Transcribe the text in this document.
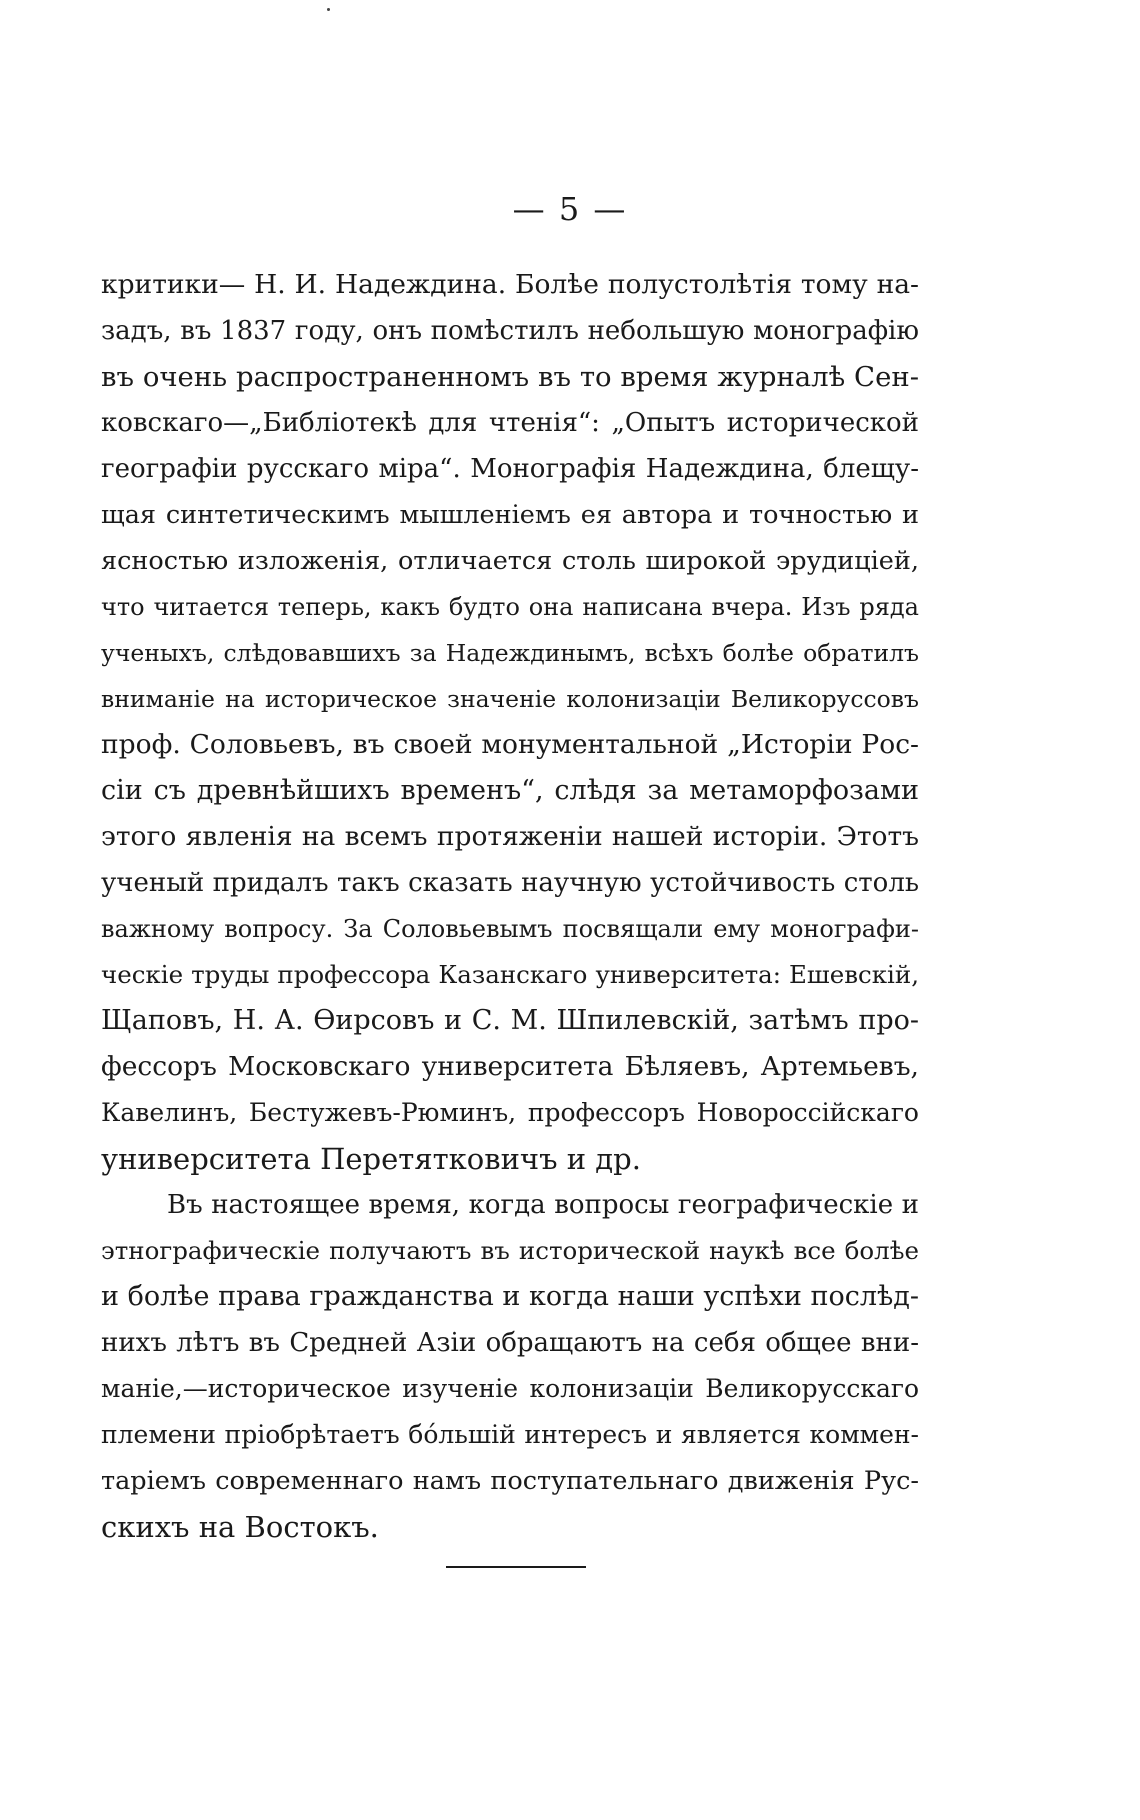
— 5 —
критики— Н. И. Надеждина. Болѣе полустолѣтія тому на-
задъ, въ 1837 году, онъ помѣстилъ небольшую монографію
въ очень распространенномъ въ то время журналѣ Сен-
ковскаго—„Библіотекѣ для чтенія“: „Опытъ исторической
географіи русскаго міра“. Монографія Надеждина, блещу-
щая синтетическимъ мышленіемъ ея автора и точностью и
ясностью изложенія, отличается столь широкой эрудиціей,
что читается теперь, какъ будто она написана вчера. Изъ ряда
ученыхъ, слѣдовавшихъ за Надеждинымъ, всѣхъ болѣе обратилъ
вниманіе на историческое значеніе колонизаціи Великоруссовъ
проф. Соловьевъ, въ своей монументальной „Исторіи Рос-
сіи съ древнѣйшихъ временъ“, слѣдя за метаморфозами
этого явленія на всемъ протяженіи нашей исторіи. Этотъ
ученый придалъ такъ сказать научную устойчивость столь
важному вопросу. За Соловьевымъ посвящали ему монографи-
ческіе труды профессора Казанскаго университета: Ешевскій,
Щаповъ, Н. А. Өирсовъ и С. М. Шпилевскій, затѣмъ про-
фессоръ Московскаго университета Бѣляевъ, Артемьевъ,
Кавелинъ, Бестужевъ-Рюминъ, профессоръ Новороссійскаго
университета Перетятковичъ и др.
Въ настоящее время, когда вопросы географическіе и
этнографическіе получаютъ въ исторической наукѣ все болѣе
и болѣе права гражданства и когда наши успѣхи послѣд-
нихъ лѣтъ въ Средней Азіи обращаютъ на себя общее вни-
маніе,—историческое изученіе колонизаціи Великорусскаго
племени пріобрѣтаетъ бо́льшій интересъ и является коммен-
таріемъ современнаго намъ поступательнаго движенія Рус-
скихъ на Востокъ.
